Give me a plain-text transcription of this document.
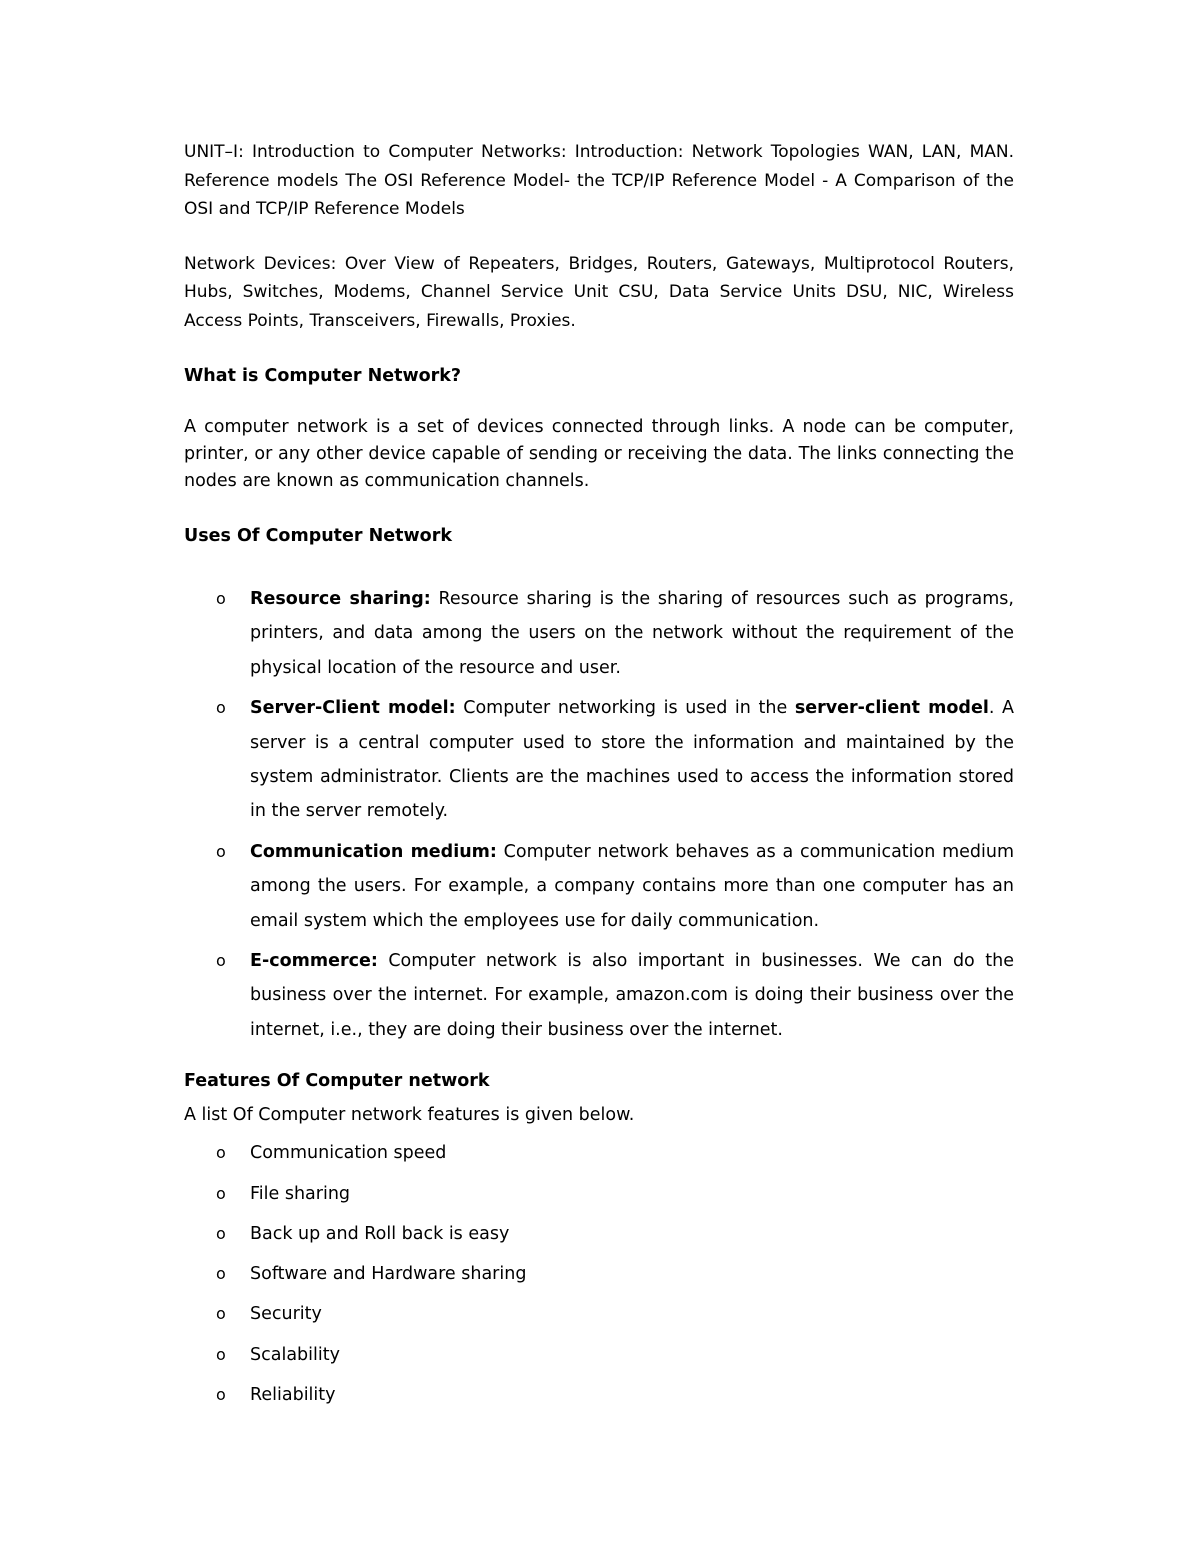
UNIT–I: Introduction to Computer Networks: Introduction: Network Topologies WAN, LAN, MAN. Reference models The OSI Reference Model- the TCP/IP Reference Model - A Comparison of the OSI and TCP/IP Reference Models

Network Devices: Over View of Repeaters, Bridges, Routers, Gateways, Multiprotocol Routers, Hubs, Switches, Modems, Channel Service Unit CSU, Data Service Units DSU, NIC, Wireless Access Points, Transceivers, Firewalls, Proxies.

What is Computer Network?

A computer network is a set of devices connected through links. A node can be computer, printer, or any other device capable of sending or receiving the data. The links connecting the nodes are known as communication channels.

Uses Of Computer Network

o Resource sharing: Resource sharing is the sharing of resources such as programs, printers, and data among the users on the network without the requirement of the physical location of the resource and user.
o Server-Client model: Computer networking is used in the server-client model. A server is a central computer used to store the information and maintained by the system administrator. Clients are the machines used to access the information stored in the server remotely.
o Communication medium: Computer network behaves as a communication medium among the users. For example, a company contains more than one computer has an email system which the employees use for daily communication.
o E-commerce: Computer network is also important in businesses. We can do the business over the internet. For example, amazon.com is doing their business over the internet, i.e., they are doing their business over the internet.

Features Of Computer network

A list Of Computer network features is given below.

o Communication speed
o File sharing
o Back up and Roll back is easy
o Software and Hardware sharing
o Security
o Scalability
o Reliability
